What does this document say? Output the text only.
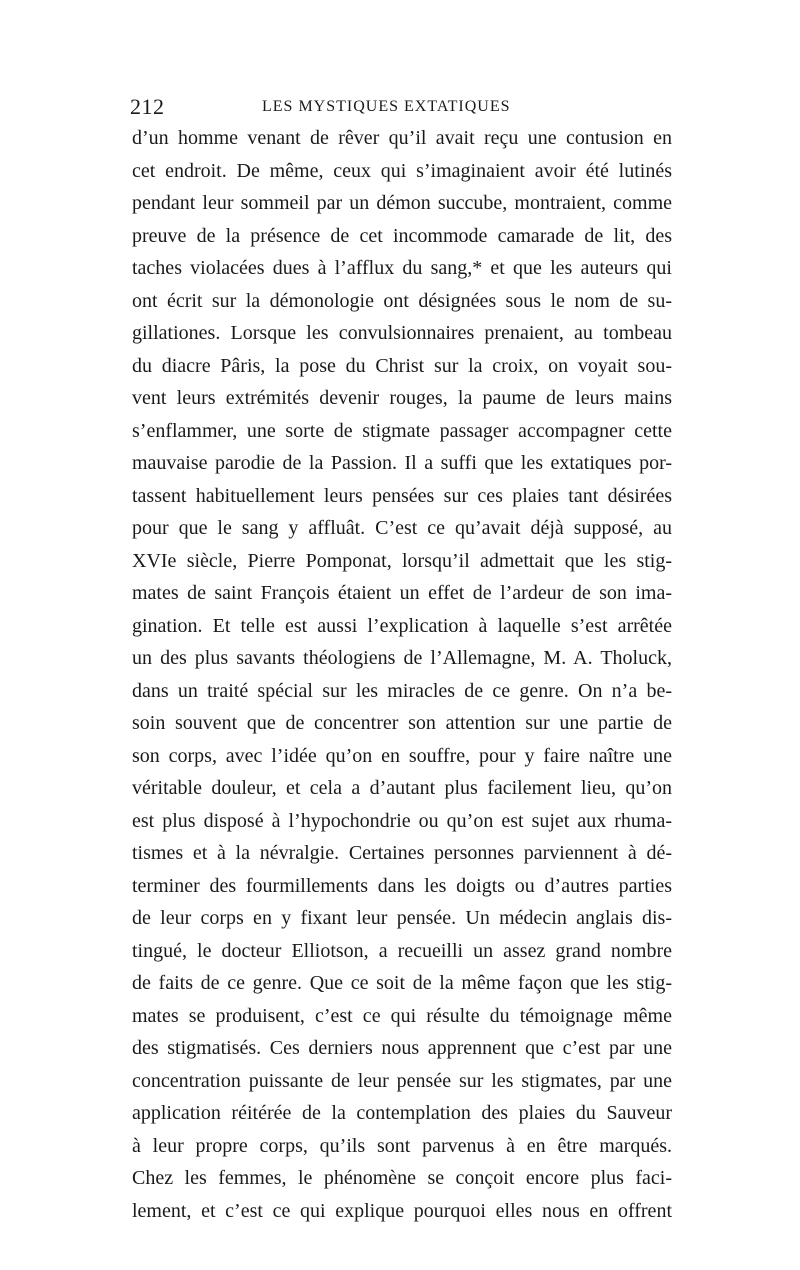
212	LES MYSTIQUES EXTATIQUES
d’un homme venant de rêver qu’il avait reçu une contusion en
cet endroit. De même, ceux qui s’imaginaient avoir été lutinés
pendant leur sommeil par un démon succube, montraient, comme
preuve de la présence de cet incommode camarade de lit, des
taches violacées dues à l’afflux du sang,* et que les auteurs qui
ont écrit sur la démonologie ont désignées sous le nom de su-
gillationes. Lorsque les convulsionnaires prenaient, au tombeau
du diacre Pâris, la pose du Christ sur la croix, on voyait sou-
vent leurs extrémités devenir rouges, la paume de leurs mains
s’enflammer, une sorte de stigmate passager accompagner cette
mauvaise parodie de la Passion. Il a suffi que les extatiques por-
tassent habituellement leurs pensées sur ces plaies tant désirées
pour que le sang y affluât. C’est ce qu’avait déjà supposé, au
XVIe siècle, Pierre Pomponat, lorsqu’il admettait que les stig-
mates de saint François étaient un effet de l’ardeur de son ima-
gination. Et telle est aussi l’explication à laquelle s’est arrêtée
un des plus savants théologiens de l’Allemagne, M. A. Tholuck,
dans un traité spécial sur les miracles de ce genre. On n’a be-
soin souvent que de concentrer son attention sur une partie de
son corps, avec l’idée qu’on en souffre, pour y faire naître une
véritable douleur, et cela a d’autant plus facilement lieu, qu’on
est plus disposé à l’hypochondrie ou qu’on est sujet aux rhuma-
tismes et à la névralgie. Certaines personnes parviennent à dé-
terminer des fourmillements dans les doigts ou d’autres parties
de leur corps en y fixant leur pensée. Un médecin anglais dis-
tingué, le docteur Elliotson, a recueilli un assez grand nombre
de faits de ce genre. Que ce soit de la même façon que les stig-
mates se produisent, c’est ce qui résulte du témoignage même
des stigmatisés. Ces derniers nous apprennent que c’est par une
concentration puissante de leur pensée sur les stigmates, par une
application réitérée de la contemplation des plaies du Sauveur
à leur propre corps, qu’ils sont parvenus à en être marqués.
Chez les femmes, le phénomène se conçoit encore plus faci-
lement, et c’est ce qui explique pourquoi elles nous en offrent
